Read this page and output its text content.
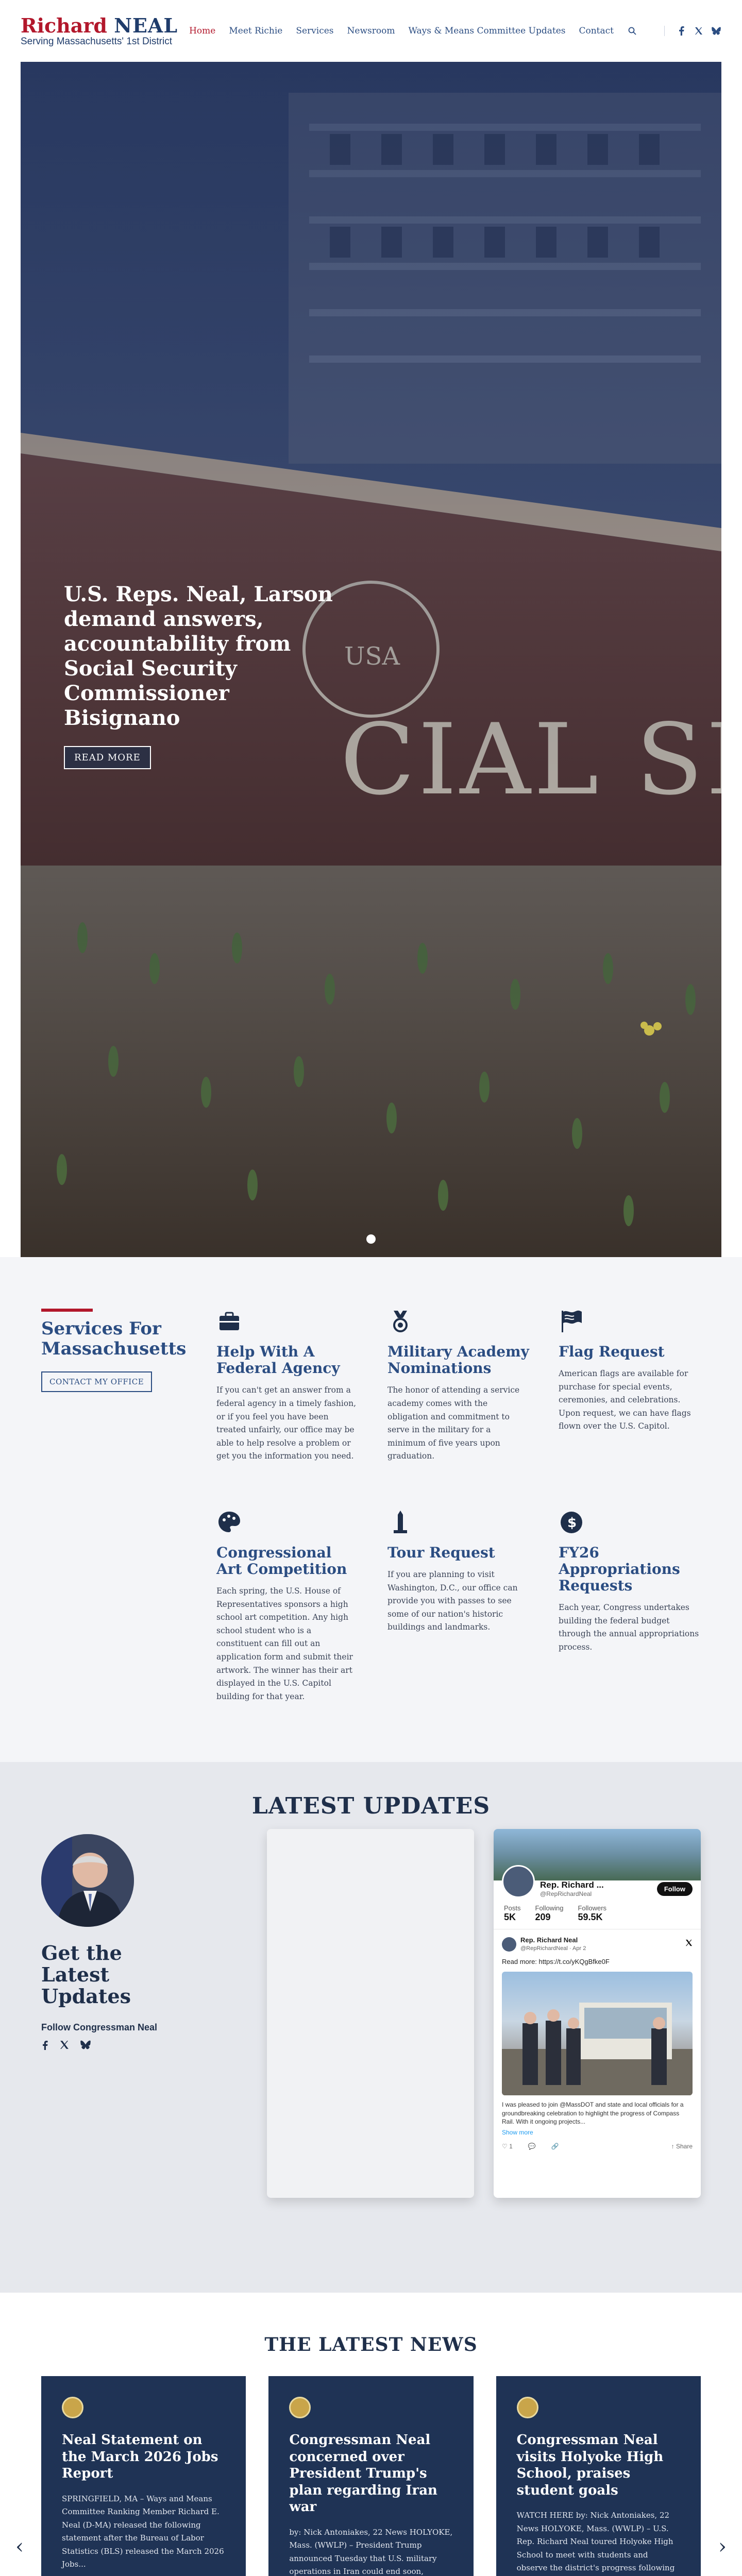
Richard NEAL
Serving Massachusetts' 1st District
Home Meet Richie Services Newsroom Ways & Means Committee Updates Contact
U.S. Reps. Neal, Larson demand answers, accountability from Social Security Commissioner Bisignano
READ MORE
Services For Massachusetts
CONTACT MY OFFICE
Help With A Federal Agency

If you can't get an answer from a federal agency in a timely fashion, or if you feel you have been treated unfairly, our office may be able to help resolve a problem or get you the information you need.

Military Academy Nominations

The honor of attending a service academy comes with the obligation and commitment to serve in the military for a minimum of five years upon graduation.

Flag Request

American flags are available for purchase for special events, ceremonies, and celebrations. Upon request, we can have flags flown over the U.S. Capitol.

Congressional Art Competition

Each spring, the U.S. House of Representatives sponsors a high school art competition. Any high school student who is a constituent can fill out an application form and submit their artwork. The winner has their art displayed in the U.S. Capitol building for that year.

Tour Request

If you are planning to visit Washington, D.C., our office can provide you with passes to see some of our nation's historic buildings and landmarks.

$
FY26 Appropriations Requests

Each year, Congress undertakes building the federal budget through the annual appropriations process.

LATEST UPDATES
Get the Latest Updates

Follow Congressman Neal

Rep. Richard ...
@RepRichardNeal
Follow
Posts
5K
Following
209
Followers
59.5K
Rep. Richard Neal
@RepRichardNeal · Apr 2
Read more: https://t.co/yKQgBfke0F
I was pleased to join @MassDOT and state and local officials for a groundbreaking celebration to highlight the progress of Compass Rail. With it ongoing projects...
Show more
♡ 1	💬	🔗	↑ Share
THE LATEST NEWS
‹	›
Neal Statement on the March 2026 Jobs Report

SPRINGFIELD, MA – Ways and Means Committee Ranking Member Richard E. Neal (D-MA) released the following statement after the Bureau of Labor Statistics (BLS) released the March 2026 Jobs...

Congressman Neal concerned over President Trump's plan regarding Iran war

by: Nick Antoniakes, 22 News HOLYOKE, Mass. (WWLP) – President Trump announced Tuesday that U.S. military operations in Iran could end soon,

Congressman Neal visits Holyoke High School, praises student goals

WATCH HERE by: Nick Antoniakes, 22 News HOLYOKE, Mass. (WWLP) – U.S. Rep. Richard Neal toured Holyoke High School to meet with students and observe the district's progress following
